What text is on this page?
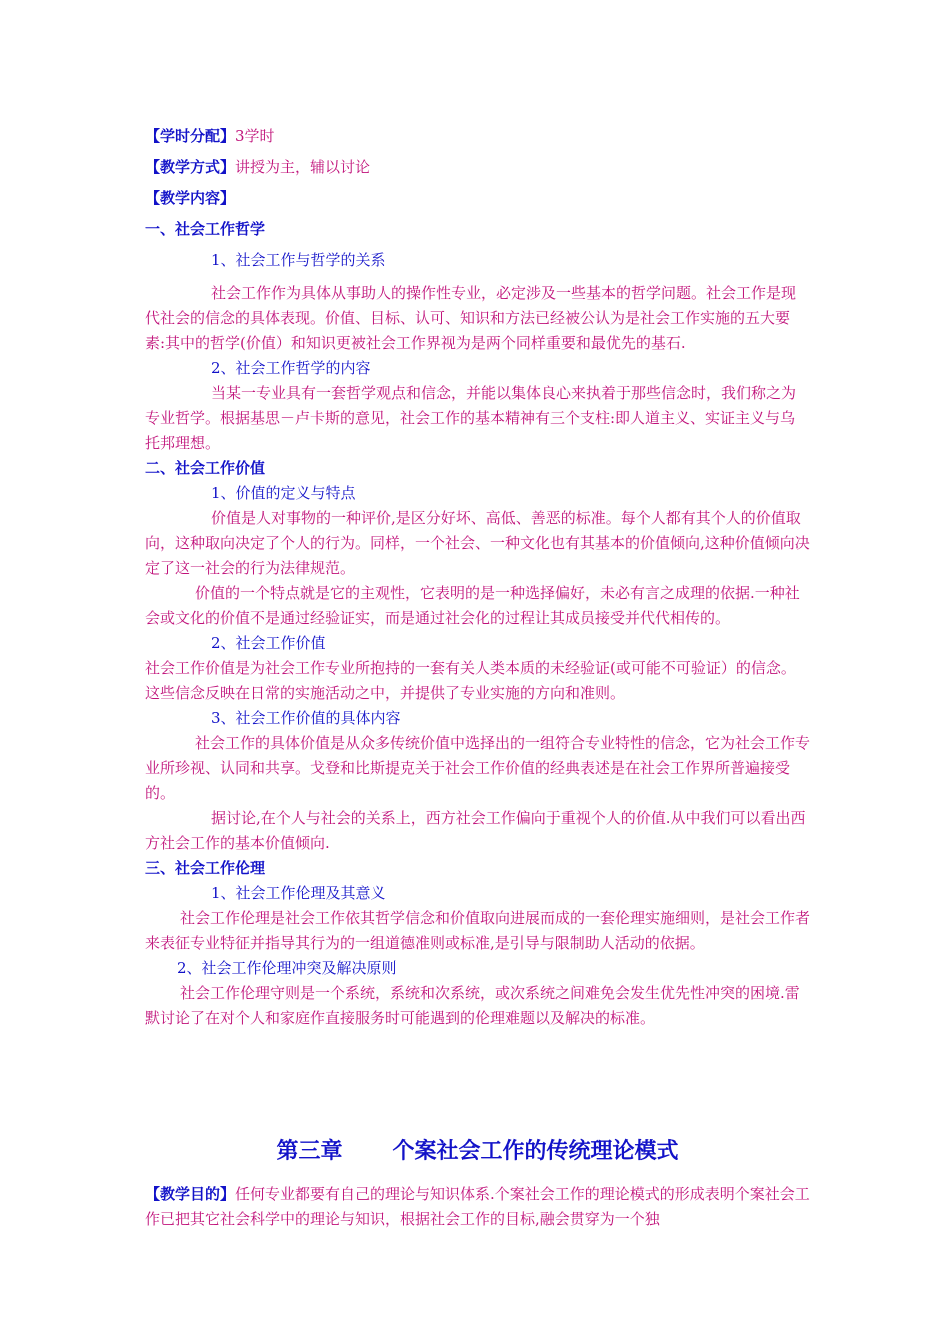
【学时分配】3学时

【教学方式】讲授为主，辅以讨论

【教学内容】

一、社会工作哲学

1、社会工作与哲学的关系

社会工作作为具体从事助人的操作性专业，必定涉及一些基本的哲学问题。社会工作是现代社会的信念的具体表现。价值、目标、认可、知识和方法已经被公认为是社会工作实施的五大要素:其中的哲学(价值）和知识更被社会工作界视为是两个同样重要和最优先的基石.

2、社会工作哲学的内容

当某一专业具有一套哲学观点和信念，并能以集体良心来执着于那些信念时，我们称之为专业哲学。根据基思－卢卡斯的意见，社会工作的基本精神有三个支柱:即人道主义、实证主义与乌托邦理想。

二、社会工作价值

1、价值的定义与特点

价值是人对事物的一种评价,是区分好坏、高低、善恶的标准。每个人都有其个人的价值取向，这种取向决定了个人的行为。同样，一个社会、一种文化也有其基本的价值倾向,这种价值倾向决定了这一社会的行为法律规范。

价值的一个特点就是它的主观性，它表明的是一种选择偏好，未必有言之成理的依据.一种社会或文化的价值不是通过经验证实，而是通过社会化的过程让其成员接受并代代相传的。

2、社会工作价值

社会工作价值是为社会工作专业所抱持的一套有关人类本质的未经验证(或可能不可验证）的信念。这些信念反映在日常的实施活动之中，并提供了专业实施的方向和准则。

3、社会工作价值的具体内容

社会工作的具体价值是从众多传统价值中选择出的一组符合专业特性的信念，它为社会工作专业所珍视、认同和共享。戈登和比斯提克关于社会工作价值的经典表述是在社会工作界所普遍接受的。

据讨论,在个人与社会的关系上，西方社会工作偏向于重视个人的价值.从中我们可以看出西方社会工作的基本价值倾向.

三、社会工作伦理

1、社会工作伦理及其意义

社会工作伦理是社会工作依其哲学信念和价值取向进展而成的一套伦理实施细则，是社会工作者来表征专业特征并指导其行为的一组道德准则或标准,是引导与限制助人活动的依据。

2、社会工作伦理冲突及解决原则

社会工作伦理守则是一个系统，系统和次系统，或次系统之间难免会发生优先性冲突的困境.雷默讨论了在对个人和家庭作直接服务时可能遇到的伦理难题以及解决的标准。

第三章 个案社会工作的传统理论模式

【教学目的】任何专业都要有自己的理论与知识体系.个案社会工作的理论模式的形成表明个案社会工作已把其它社会科学中的理论与知识，根据社会工作的目标,融会贯穿为一个独
